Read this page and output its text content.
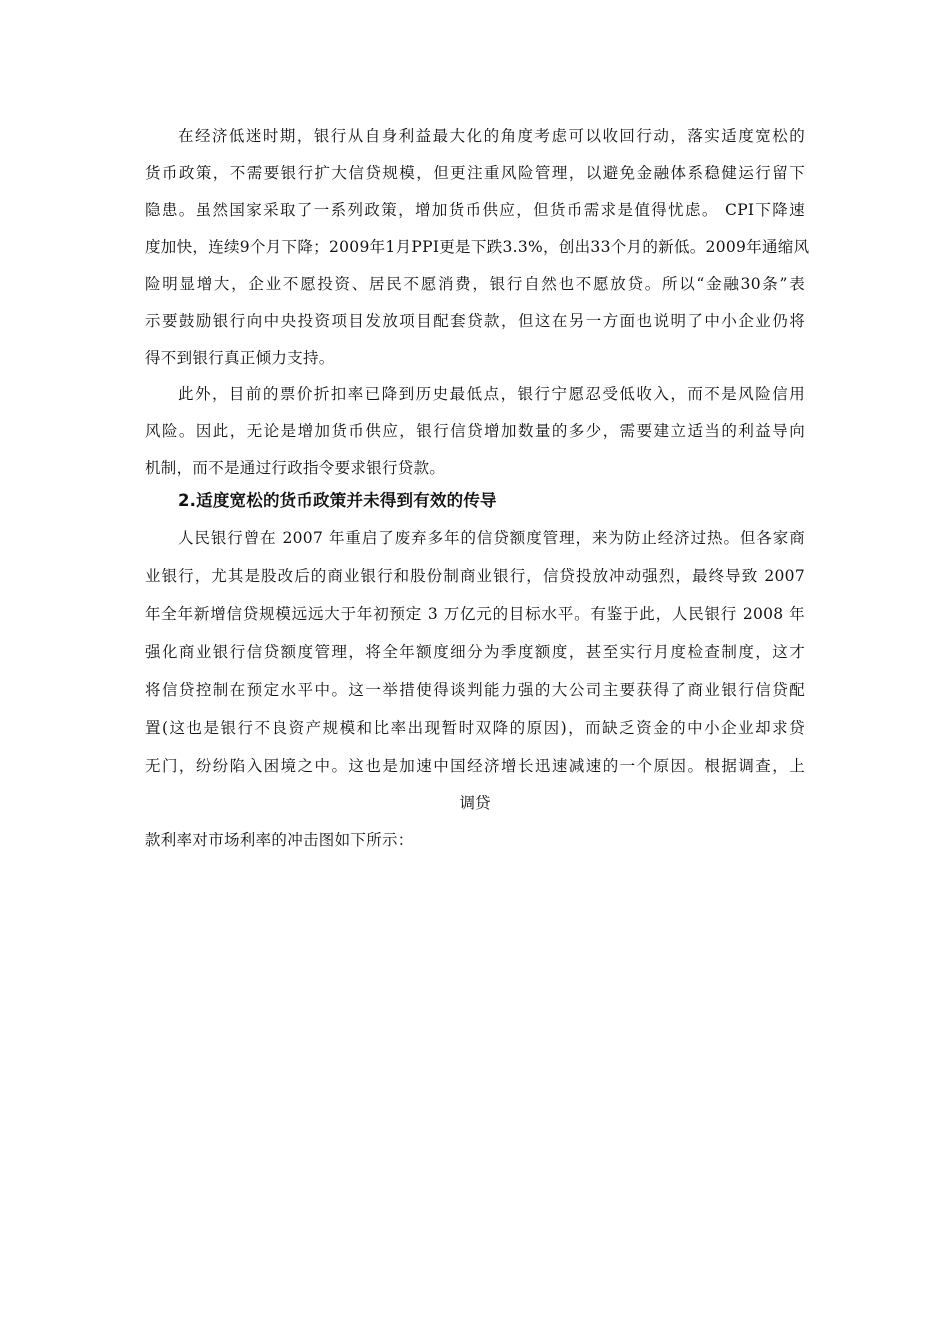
在经济低迷时期，银行从自身利益最大化的角度考虑可以收回行动，落实适度宽松的
货币政策，不需要银行扩大信贷规模，但更注重风险管理，以避免金融体系稳健运行留下
隐患。虽然国家采取了一系列政策，增加货币供应，但货币需求是值得忧虑。 CPI下降速
度加快，连续9个月下降；2009年1月PPI更是下跌3.3%，创出33个月的新低。2009年通缩风
险明显增大，企业不愿投资、居民不愿消费，银行自然也不愿放贷。所以“金融30条”表
示要鼓励银行向中央投资项目发放项目配套贷款，但这在另一方面也说明了中小企业仍将
得不到银行真正倾力支持。
此外，目前的票价折扣率已降到历史最低点，银行宁愿忍受低收入，而不是风险信用
风险。因此，无论是增加货币供应，银行信贷增加数量的多少，需要建立适当的利益导向
机制，而不是通过行政指令要求银行贷款。
2.适度宽松的货币政策并未得到有效的传导
人民银行曾在 2007 年重启了废弃多年的信贷额度管理，来为防止经济过热。但各家商
业银行，尤其是股改后的商业银行和股份制商业银行，信贷投放冲动强烈，最终导致 2007
年全年新增信贷规模远远大于年初预定 3 万亿元的目标水平。有鉴于此，人民银行 2008 年
强化商业银行信贷额度管理，将全年额度细分为季度额度，甚至实行月度检查制度，这才
将信贷控制在预定水平中。这一举措使得谈判能力强的大公司主要获得了商业银行信贷配
置(这也是银行不良资产规模和比率出现暂时双降的原因)，而缺乏资金的中小企业却求贷
无门，纷纷陷入困境之中。这也是加速中国经济增长迅速减速的一个原因。根据调查，上
调贷
款利率对市场利率的冲击图如下所示：
